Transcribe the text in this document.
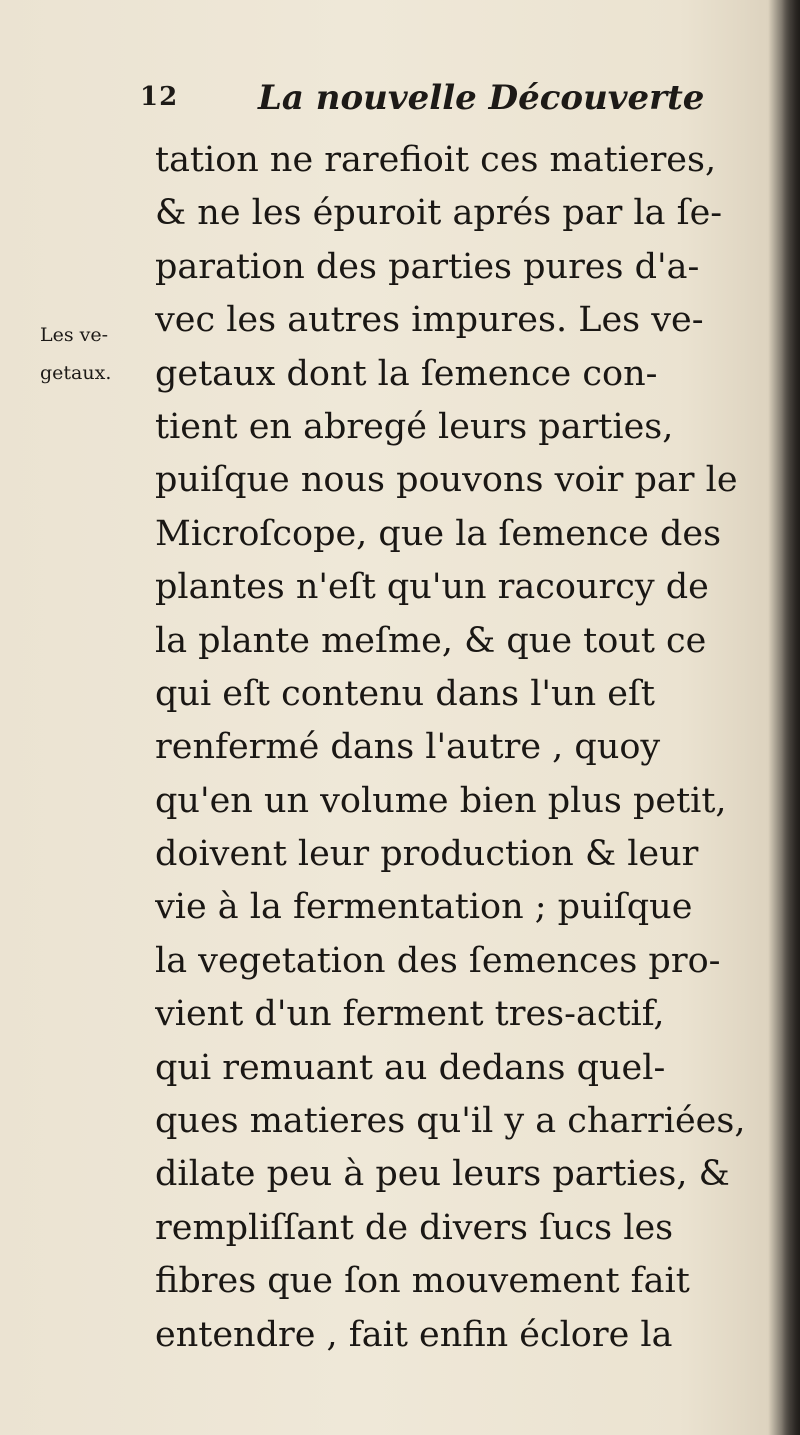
12 La nouvelle Découverte
Les ve-
getaux.
tation ne rarefioit ces matieres,
& ne les épuroit aprés par la ſe-
paration des parties pures d'a-
vec les autres impures. Les ve-
getaux dont la ſemence con-
tient en abregé leurs parties,
puiſque nous pouvons voir par le
Microſcope, que la ſemence des
plantes n'eſt qu'un racourcy de
la plante meſme, & que tout ce
qui eſt contenu dans l'un eſt
renfermé dans l'autre , quoy
qu'en un volume bien plus petit,
doivent leur production & leur
vie à la fermentation ; puiſque
la vegetation des ſemences pro-
vient d'un ferment tres-actif,
qui remuant au dedans quel-
ques matieres qu'il y a charriées,
dilate peu à peu leurs parties, &
rempliſſant de divers ſucs les
fibres que ſon mouvement fait
entendre , fait enfin éclore la
